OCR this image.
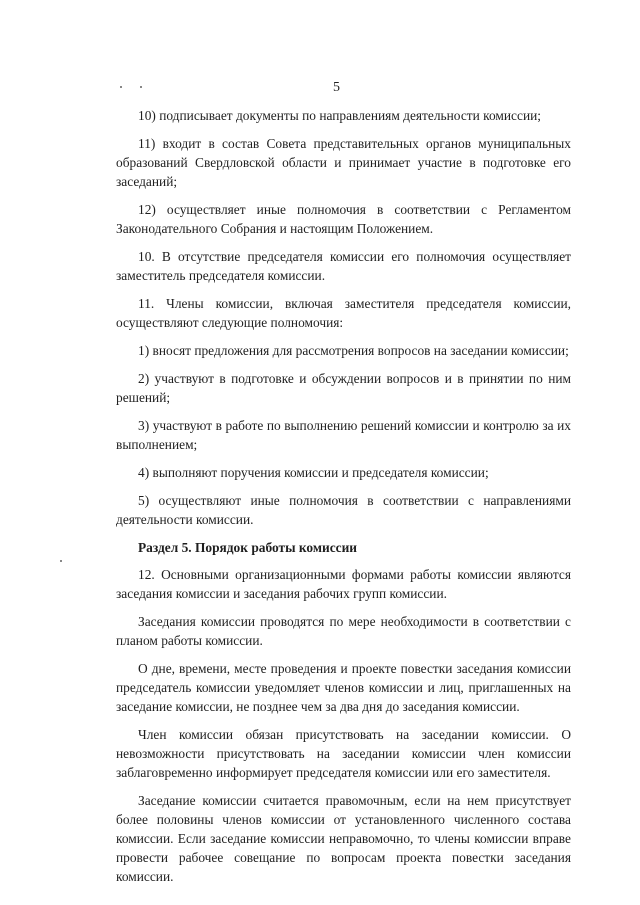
5

10) подписывает документы по направлениям деятельности комиссии;

11) входит в состав Совета представительных органов муниципальных образований Свердловской области и принимает участие в подготовке его заседаний;

12) осуществляет иные полномочия в соответствии с Регламентом Законодательного Собрания и настоящим Положением.

10. В отсутствие председателя комиссии его полномочия осуществляет заместитель председателя комиссии.

11. Члены комиссии, включая заместителя председателя комиссии, осуществляют следующие полномочия:

1) вносят предложения для рассмотрения вопросов на заседании комиссии;

2) участвуют в подготовке и обсуждении вопросов и в принятии по ним решений;

3) участвуют в работе по выполнению решений комиссии и контролю за их выполнением;

4) выполняют поручения комиссии и председателя комиссии;

5) осуществляют иные полномочия в соответствии с направлениями деятельности комиссии.

Раздел 5. Порядок работы комиссии

12. Основными организационными формами работы комиссии являются заседания комиссии и заседания рабочих групп комиссии.

Заседания комиссии проводятся по мере необходимости в соответствии с планом работы комиссии.

О дне, времени, месте проведения и проекте повестки заседания комиссии председатель комиссии уведомляет членов комиссии и лиц, приглашенных на заседание комиссии, не позднее чем за два дня до заседания комиссии.

Член комиссии обязан присутствовать на заседании комиссии. О невозможности присутствовать на заседании комиссии член комиссии заблаговременно информирует председателя комиссии или его заместителя.

Заседание комиссии считается правомочным, если на нем присутствует более половины членов комиссии от установленного численного состава комиссии. Если заседание комиссии неправомочно, то члены комиссии вправе провести рабочее совещание по вопросам проекта повестки заседания комиссии.
